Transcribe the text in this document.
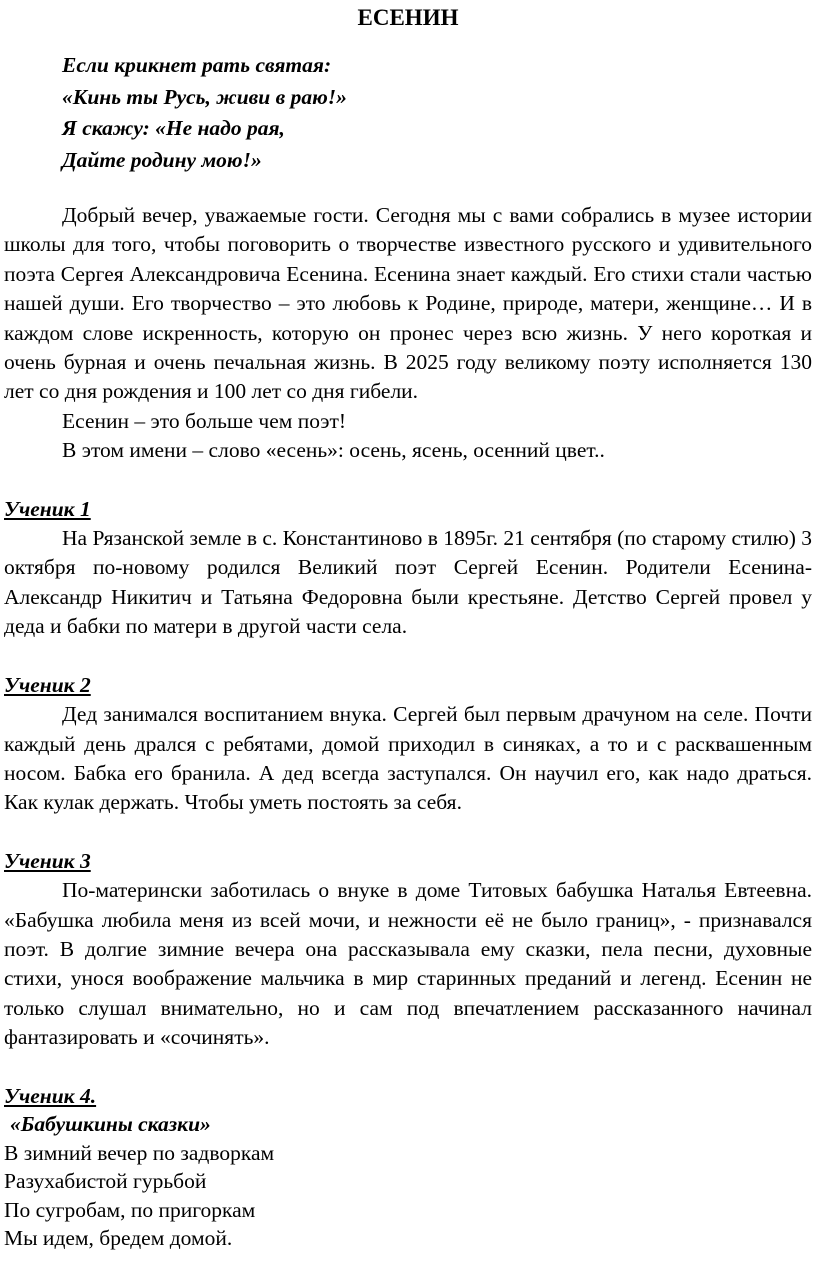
ЕСЕНИН
Если крикнет рать святая:
«Кинь ты Русь, живи в раю!»
Я скажу: «Не надо рая,
Дайте родину мою!»

Добрый вечер, уважаемые гости. Сегодня мы с вами собрались в музее истории школы для того, чтобы поговорить о творчестве известного русского и удивительного поэта Сергея Александровича Есенина. Есенина знает каждый. Его стихи стали частью нашей души. Его творчество – это любовь к Родине, природе, матери, женщине… И в каждом слове искренность, которую он пронес через всю жизнь. У него короткая и очень бурная и очень печальная жизнь. В 2025 году великому поэту исполняется 130 лет со дня рождения и 100 лет со дня гибели.

Есенин – это больше чем поэт!
В этом имени – слово «есень»: осень, ясень, осенний цвет..
Ученик 1

На Рязанской земле в с. Константиново в 1895г. 21 сентября (по старому стилю) 3 октября по-новому родился Великий поэт Сергей Есенин. Родители Есенина-Александр Никитич и Татьяна Федоровна были крестьяне. Детство Сергей провел у деда и бабки по матери в другой части села.

Ученик 2

Дед занимался воспитанием внука. Сергей был первым драчуном на селе. Почти каждый день дрался с ребятами, домой приходил в синяках, а то и с расквашенным носом. Бабка его бранила. А дед всегда заступался. Он научил его, как надо драться. Как кулак держать. Чтобы уметь постоять за себя.

Ученик 3

По-матерински заботилась о внуке в доме Титовых бабушка Наталья Евтеевна. «Бабушка любила меня из всей мочи, и нежности её не было границ», - признавался поэт. В долгие зимние вечера она рассказывала ему сказки, пела песни, духовные стихи, унося воображение мальчика в мир старинных преданий и легенд. Есенин не только слушал внимательно, но и сам под впечатлением рассказанного начинал фантазировать и «сочинять».

Ученик 4.
«Бабушкины сказки»
В зимний вечер по задворкам
Разухабистой гурьбой
По сугробам, по пригоркам
Мы идем, бредем домой.
